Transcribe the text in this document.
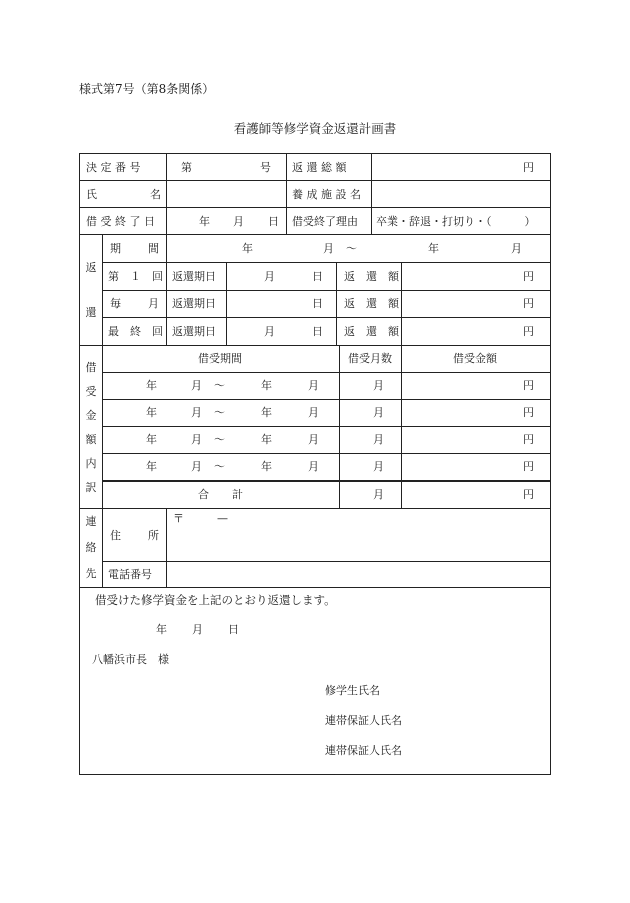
様式第7号（第8条関係）
看護師等修学資金返還計画書
決 定 番 号	第	号 返 還 総 額	円
氏	名	養 成 施 設 名
借 受 終 了 日	年 月 日 借受終了理由 卒業・辞退・打切り・（　　　）
返
還
期 間	年	月 ～	年	月
第　１　回 返還期日	月	日 返　還　額	円
毎 月 返還期日	日 返　還　額	円
最　終　回 返還期日	月	日 返　還　額	円
借
受
金
額
内
訳
借受期間	借受月数	借受金額
年	月 ～	年	月	月	円
年	月 ～	年	月	月	円
年	月 ～	年	月	月	円
年	月 ～	年	月	月	円
合 計	月	円
連
絡
先
住 所
〒	—
電話番号
借受けた修学資金を上記のとおり返還します。
年 月 日
八幡浜市長　様
修学生氏名
連帯保証人氏名
連帯保証人氏名
